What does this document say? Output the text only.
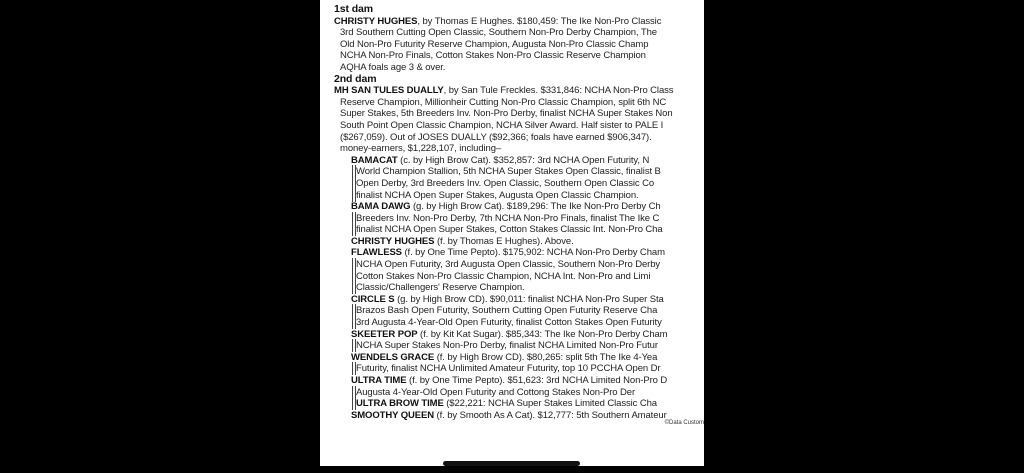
1st dam
CHRISTY HUGHES, by Thomas E Hughes. $180,459: The Ike Non-Pro Classic
3rd Southern Cutting Open Classic, Southern Non-Pro Derby Champion, The
Old Non-Pro Futurity Reserve Champion, Augusta Non-Pro Classic Champ
NCHA Non-Pro Finals, Cotton Stakes Non-Pro Classic Reserve Champion
AQHA foals age 3 & over.
2nd dam
MH SAN TULES DUALLY, by San Tule Freckles. $331,846: NCHA Non-Pro Class
Reserve Champion, Millionheir Cutting Non-Pro Classic Champion, split 6th NC
Super Stakes, 5th Breeders Inv. Non-Pro Derby, finalist NCHA Super Stakes Non
South Point Open Classic Champion, NCHA Silver Award. Half sister to PALE I
($267,059). Out of JOSES DUALLY ($92,366; foals have earned $906,347).
money-earners, $1,228,107, including–
BAMACAT (c. by High Brow Cat). $352,857: 3rd NCHA Open Futurity, N
World Champion Stallion, 5th NCHA Super Stakes Open Classic, finalist B
Open Derby, 3rd Breeders Inv. Open Classic, Southern Open Classic Co
finalist NCHA Open Super Stakes, Augusta Open Classic Champion.
BAMA DAWG (g. by High Brow Cat). $189,296: The Ike Non-Pro Derby Ch
Breeders Inv. Non-Pro Derby, 7th NCHA Non-Pro Finals, finalist The Ike C
finalist NCHA Open Super Stakes, Cotton Stakes Classic Int. Non-Pro Cha
CHRISTY HUGHES (f. by Thomas E Hughes). Above.
FLAWLESS (f. by One Time Pepto). $175,902: NCHA Non-Pro Derby Cham
NCHA Open Futurity, 3rd Augusta Open Classic, Southern Non-Pro Derby
Cotton Stakes Non-Pro Classic Champion, NCHA Int. Non-Pro and Limi
Classic/Challengers' Reserve Champion.
CIRCLE S (g. by High Brow CD). $90,011: finalist NCHA Non-Pro Super Sta
Brazos Bash Open Futurity, Southern Cutting Open Futurity Reserve Cha
3rd Augusta 4-Year-Old Open Futurity, finalist Cotton Stakes Open Futurity
SKEETER POP (f. by Kit Kat Sugar). $85,343: The Ike Non-Pro Derby Cham
NCHA Super Stakes Non-Pro Derby, finalist NCHA Limited Non-Pro Futur
WENDELS GRACE (f. by High Brow CD). $80,265: split 5th The Ike 4-Yea
Futurity, finalist NCHA Unlimited Amateur Futurity, top 10 PCCHA Open Dr
ULTRA TIME (f. by One Time Pepto). $51,623: 3rd NCHA Limited Non-Pro D
Augusta 4-Year-Old Open Futurity and Cottong Stakes Non-Pro Der
ULTRA BROW TIME ($22,221: NCHA Super Stakes Limited Classic Cha
SMOOTHY QUEEN (f. by Smooth As A Cat). $12,777: 5th Southern Amateur
©Data Custom
